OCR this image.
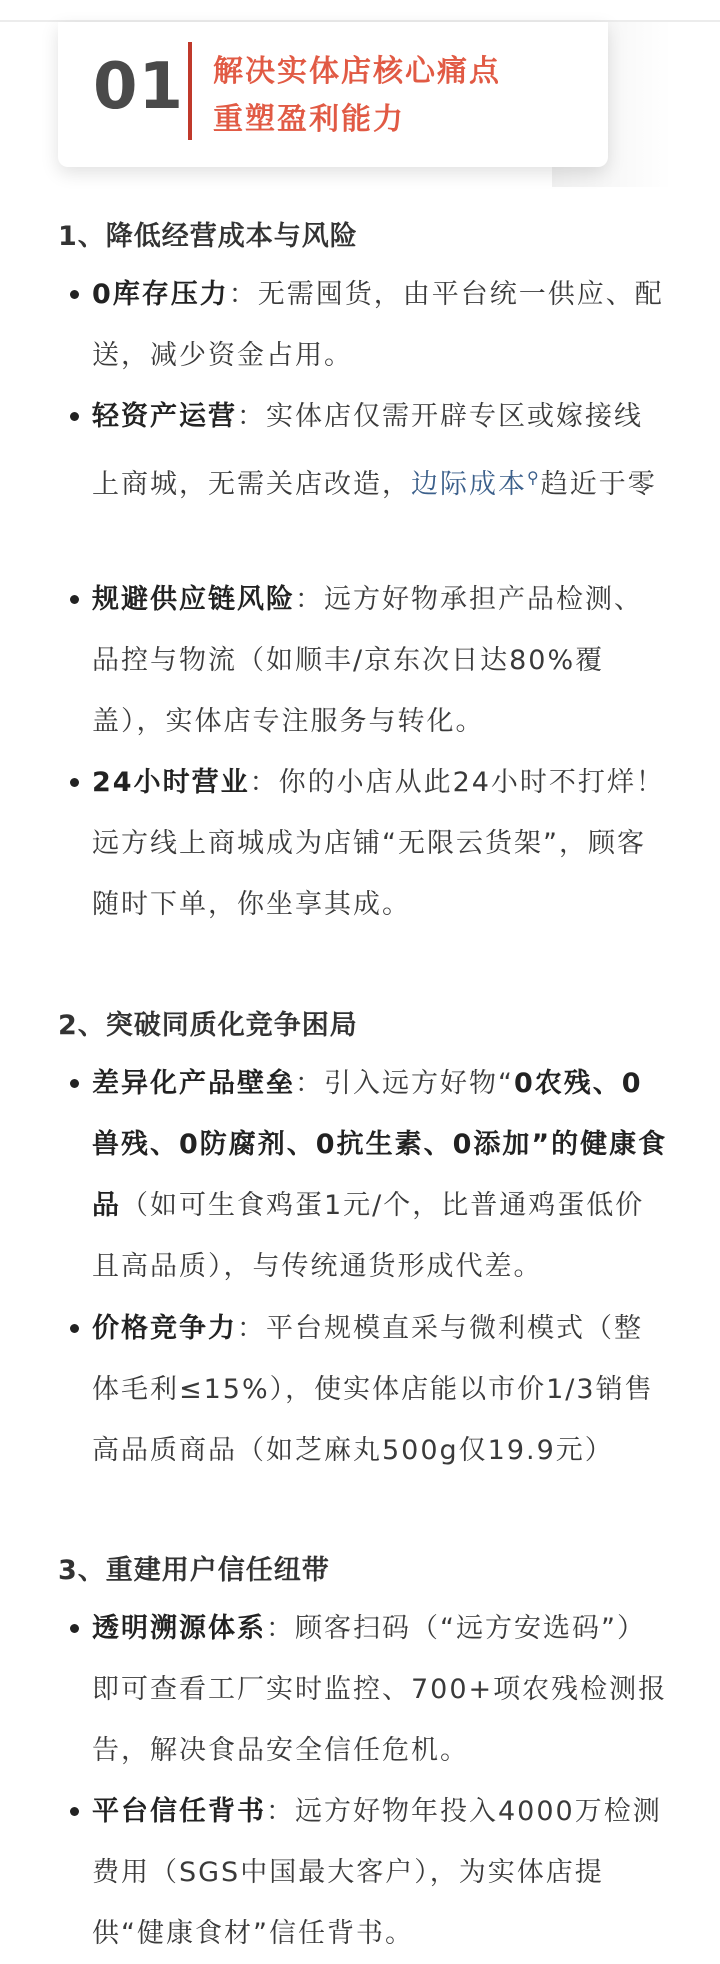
01 解决实体店核心痛点
重塑盈利能力
1、降低经营成本与风险
0库存压力：无需囤货，由平台统一供应、配送，减少资金占用。
轻资产运营：实体店仅需开辟专区或嫁接线上商城，无需关店改造，边际成本⚲趋近于零
规避供应链风险：远方好物承担产品检测、品控与物流（如顺丰/京东次日达80%覆盖），实体店专注服务与转化。
24小时营业：你的小店从此24小时不打烊！远方线上商城成为店铺“无限云货架”，顾客随时下单，你坐享其成。
2、突破同质化竞争困局
差异化产品壁垒：引入远方好物“0农残、0兽残、0防腐剂、0抗生素、0添加”的健康食品（如可生食鸡蛋1元/个，比普通鸡蛋低价且高品质），与传统通货形成代差。
价格竞争力：平台规模直采与微利模式（整体毛利≤15%），使实体店能以市价1/3销售高品质商品（如芝麻丸500g仅19.9元）
3、重建用户信任纽带
透明溯源体系：顾客扫码（“远方安选码”）即可查看工厂实时监控、700+项农残检测报告，解决食品安全信任危机。
平台信任背书：远方好物年投入4000万检测费用（SGS中国最大客户），为实体店提供“健康食材”信任背书。
